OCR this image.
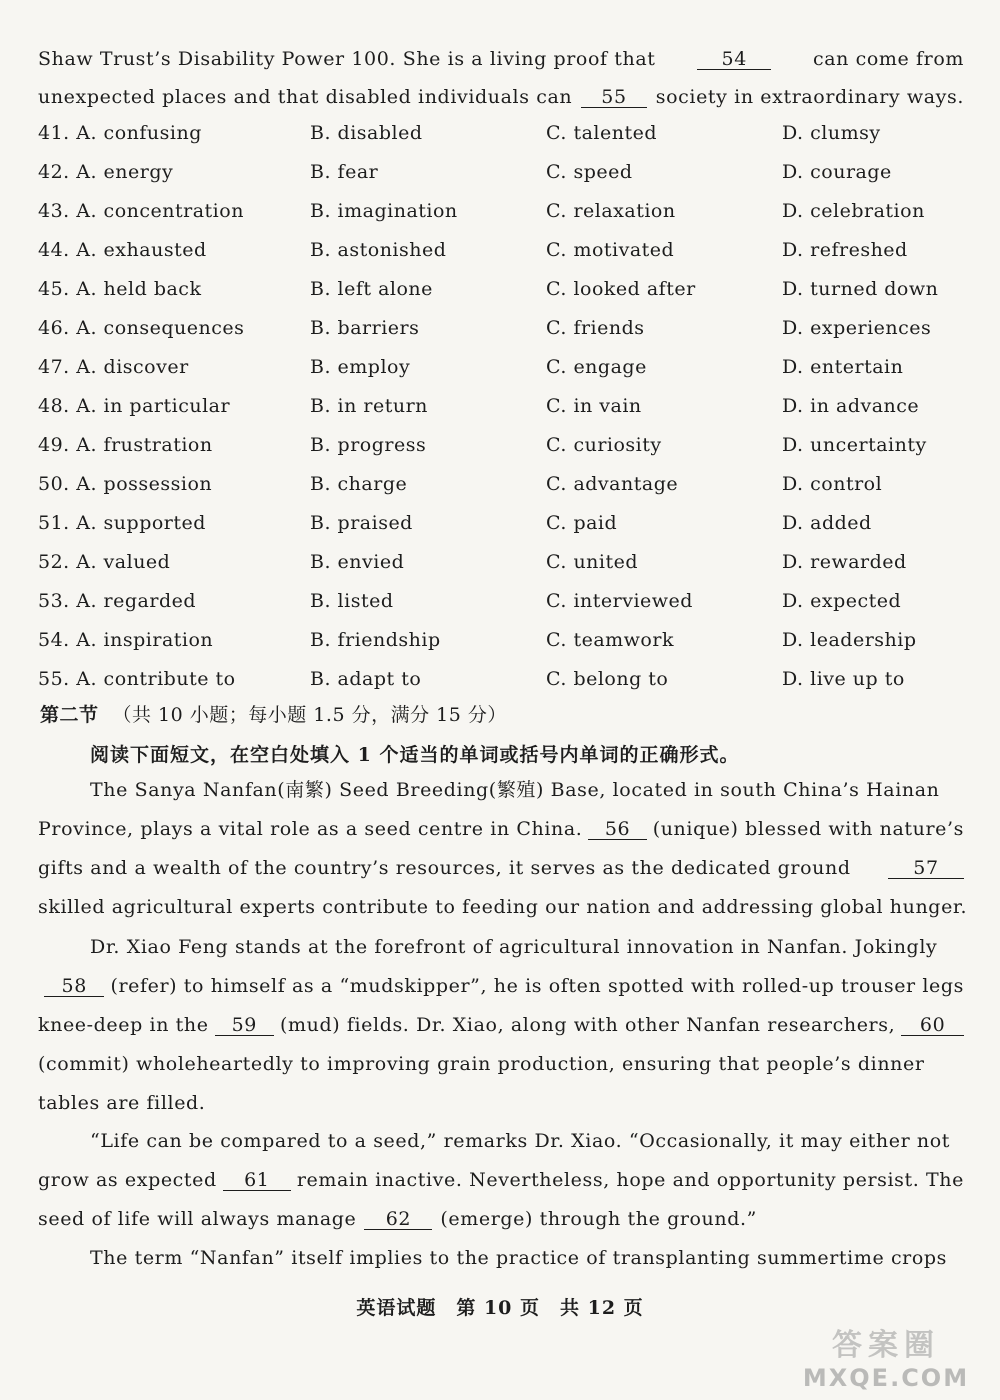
Shaw Trust’s Disability Power 100. She is a living proof that	54	can come from
unexpected places and that disabled individuals can	55	society in extraordinary ways.
41. A. confusing	B. disabled	C. talented	D. clumsy
42. A. energy	B. fear	C. speed	D. courage
43. A. concentration	B. imagination	C. relaxation	D. celebration
44. A. exhausted	B. astonished	C. motivated	D. refreshed
45. A. held back	B. left alone	C. looked after	D. turned down
46. A. consequences	B. barriers	C. friends	D. experiences
47. A. discover	B. employ	C. engage	D. entertain
48. A. in particular	B. in return	C. in vain	D. in advance
49. A. frustration	B. progress	C. curiosity	D. uncertainty
50. A. possession	B. charge	C. advantage	D. control
51. A. supported	B. praised	C. paid	D. added
52. A. valued	B. envied	C. united	D. rewarded
53. A. regarded	B. listed	C. interviewed	D. expected
54. A. inspiration	B. friendship	C. teamwork	D. leadership
55. A. contribute to	B. adapt to	C. belong to	D. live up to
第二节 （共 10 小题；每小题 1.5 分，满分 15 分）
阅读下面短文，在空白处填入 1 个适当的单词或括号内单词的正确形式。
The Sanya Nanfan(南繁) Seed Breeding(繁殖) Base, located in south China’s Hainan
Province, plays a vital role as a seed centre in China.	56	(unique) blessed with nature’s
gifts and a wealth of the country’s resources, it serves as the dedicated ground	57
skilled agricultural experts contribute to feeding our nation and addressing global hunger.
Dr. Xiao Feng stands at the forefront of agricultural innovation in Nanfan. Jokingly
58	(refer) to himself as a “mudskipper”, he is often spotted with rolled-up trouser legs
knee-deep in the	59	(mud) fields. Dr. Xiao, along with other Nanfan researchers,	60
(commit) wholeheartedly to improving grain production, ensuring that people’s dinner
tables are filled.
“Life can be compared to a seed,” remarks Dr. Xiao. “Occasionally, it may either not
grow as expected	61	remain inactive. Nevertheless, hope and opportunity persist. The
seed of life will always manage	62	(emerge) through the ground.”
The term “Nanfan” itself implies to the practice of transplanting summertime crops
英语试题　第 10 页　共 12 页
答案圈
MXQE.COM
